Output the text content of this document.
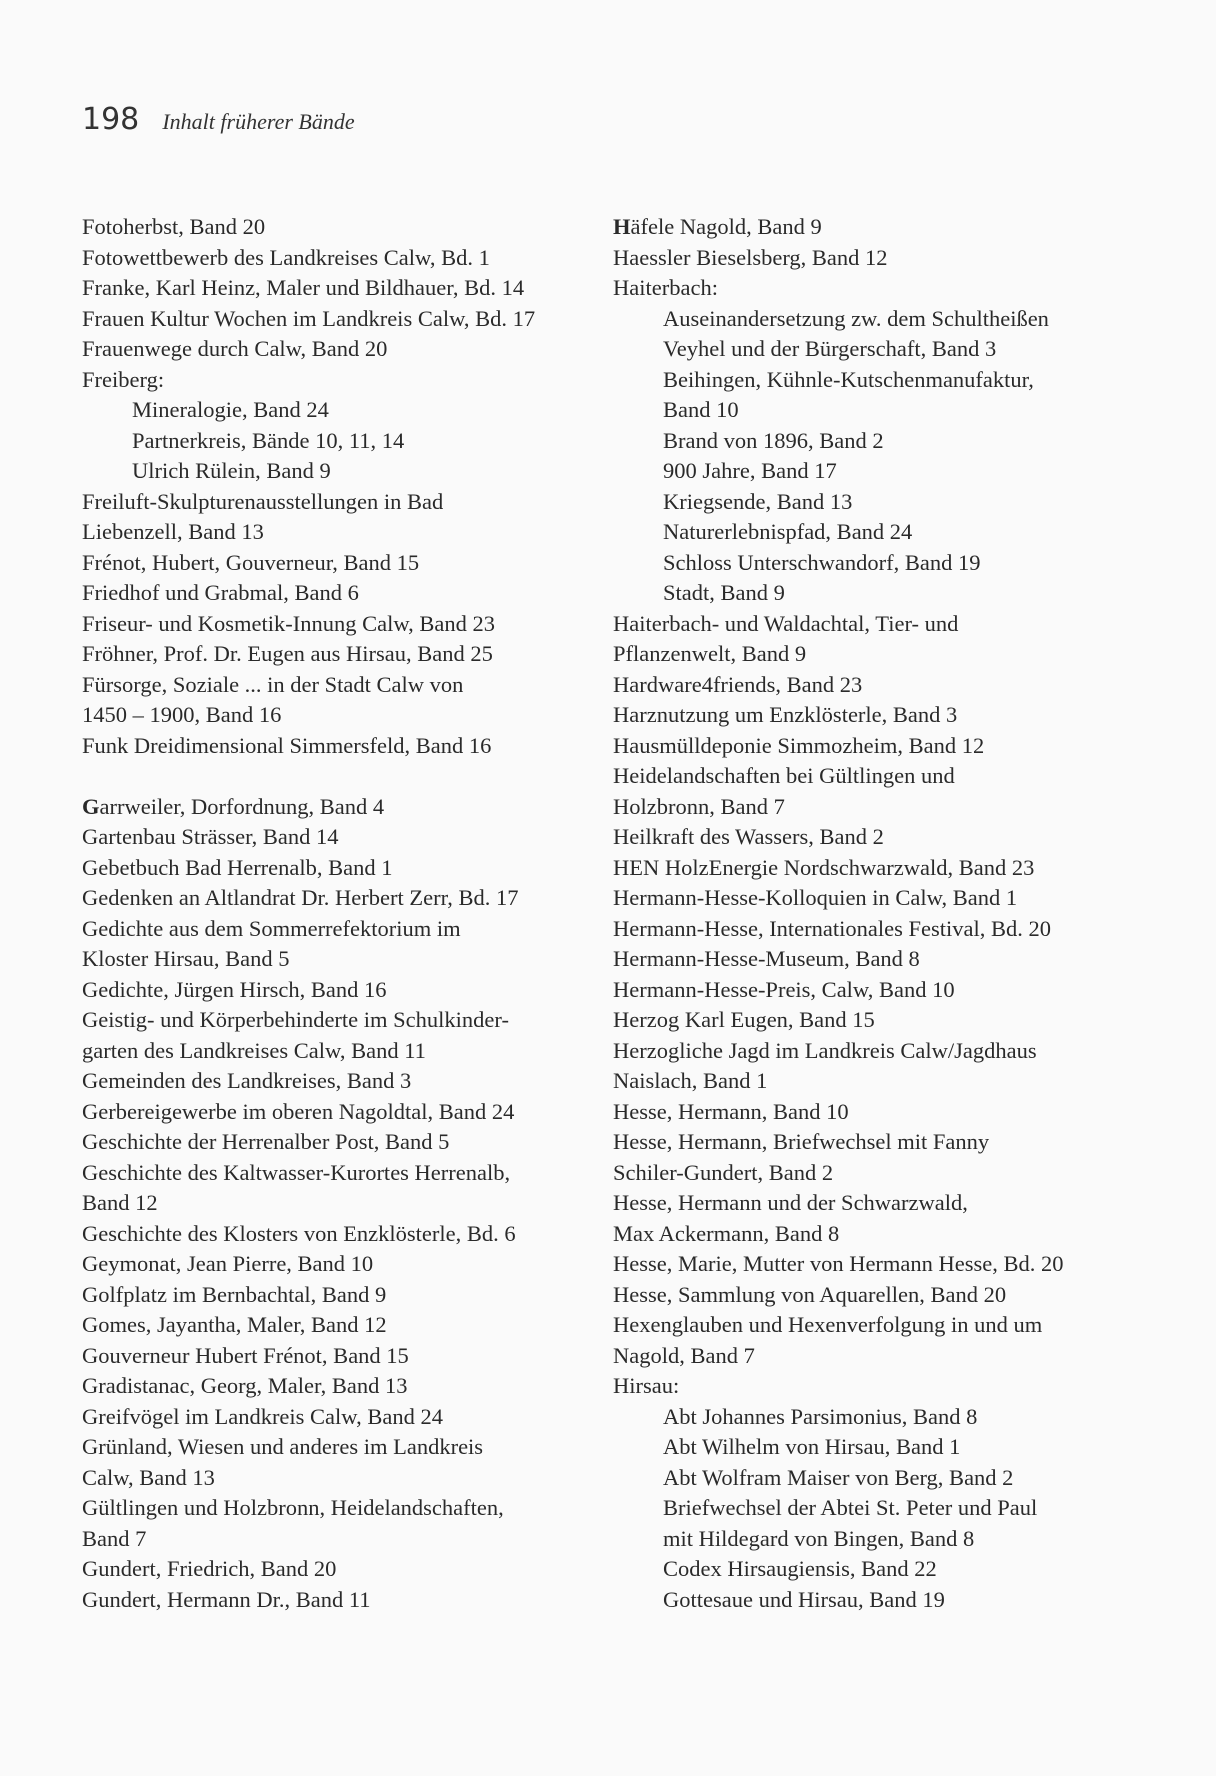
198 Inhalt früherer Bände
Fotoherbst, Band 20
Fotowettbewerb des Landkreises Calw, Bd. 1
Franke, Karl Heinz, Maler und Bildhauer, Bd. 14
Frauen Kultur Wochen im Landkreis Calw, Bd. 17
Frauenwege durch Calw, Band 20
Freiberg:
Mineralogie, Band 24
Partnerkreis, Bände 10, 11, 14
Ulrich Rülein, Band 9
Freiluft-Skulpturenausstellungen in Bad
Liebenzell, Band 13
Frénot, Hubert, Gouverneur, Band 15
Friedhof und Grabmal, Band 6
Friseur- und Kosmetik-Innung Calw, Band 23
Fröhner, Prof. Dr. Eugen aus Hirsau, Band 25
Fürsorge, Soziale ... in der Stadt Calw von
1450 – 1900, Band 16
Funk Dreidimensional Simmersfeld, Band 16
Garrweiler, Dorfordnung, Band 4
Gartenbau Strässer, Band 14
Gebetbuch Bad Herrenalb, Band 1
Gedenken an Altlandrat Dr. Herbert Zerr, Bd. 17
Gedichte aus dem Sommerrefektorium im
Kloster Hirsau, Band 5
Gedichte, Jürgen Hirsch, Band 16
Geistig- und Körperbehinderte im Schulkinder-
garten des Landkreises Calw, Band 11
Gemeinden des Landkreises, Band 3
Gerbereigewerbe im oberen Nagoldtal, Band 24
Geschichte der Herrenalber Post, Band 5
Geschichte des Kaltwasser-Kurortes Herrenalb,
Band 12
Geschichte des Klosters von Enzklösterle, Bd. 6
Geymonat, Jean Pierre, Band 10
Golfplatz im Bernbachtal, Band 9
Gomes, Jayantha, Maler, Band 12
Gouverneur Hubert Frénot, Band 15
Gradistanac, Georg, Maler, Band 13
Greifvögel im Landkreis Calw, Band 24
Grünland, Wiesen und anderes im Landkreis
Calw, Band 13
Gültlingen und Holzbronn, Heidelandschaften,
Band 7
Gundert, Friedrich, Band 20
Gundert, Hermann Dr., Band 11
Häfele Nagold, Band 9
Haessler Bieselsberg, Band 12
Haiterbach:
Auseinandersetzung zw. dem Schultheißen
Veyhel und der Bürgerschaft, Band 3
Beihingen, Kühnle-Kutschenmanufaktur,
Band 10
Brand von 1896, Band 2
900 Jahre, Band 17
Kriegsende, Band 13
Naturerlebnispfad, Band 24
Schloss Unterschwandorf, Band 19
Stadt, Band 9
Haiterbach- und Waldachtal, Tier- und
Pflanzenwelt, Band 9
Hardware4friends, Band 23
Harznutzung um Enzklösterle, Band 3
Hausmülldeponie Simmozheim, Band 12
Heidelandschaften bei Gültlingen und
Holzbronn, Band 7
Heilkraft des Wassers, Band 2
HEN HolzEnergie Nordschwarzwald, Band 23
Hermann-Hesse-Kolloquien in Calw, Band 1
Hermann-Hesse, Internationales Festival, Bd. 20
Hermann-Hesse-Museum, Band 8
Hermann-Hesse-Preis, Calw, Band 10
Herzog Karl Eugen, Band 15
Herzogliche Jagd im Landkreis Calw/Jagdhaus
Naislach, Band 1
Hesse, Hermann, Band 10
Hesse, Hermann, Briefwechsel mit Fanny
Schiler-Gundert, Band 2
Hesse, Hermann und der Schwarzwald,
Max Ackermann, Band 8
Hesse, Marie, Mutter von Hermann Hesse, Bd. 20
Hesse, Sammlung von Aquarellen, Band 20
Hexenglauben und Hexenverfolgung in und um
Nagold, Band 7
Hirsau:
Abt Johannes Parsimonius, Band 8
Abt Wilhelm von Hirsau, Band 1
Abt Wolfram Maiser von Berg, Band 2
Briefwechsel der Abtei St. Peter und Paul
mit Hildegard von Bingen, Band 8
Codex Hirsaugiensis, Band 22
Gottesaue und Hirsau, Band 19
